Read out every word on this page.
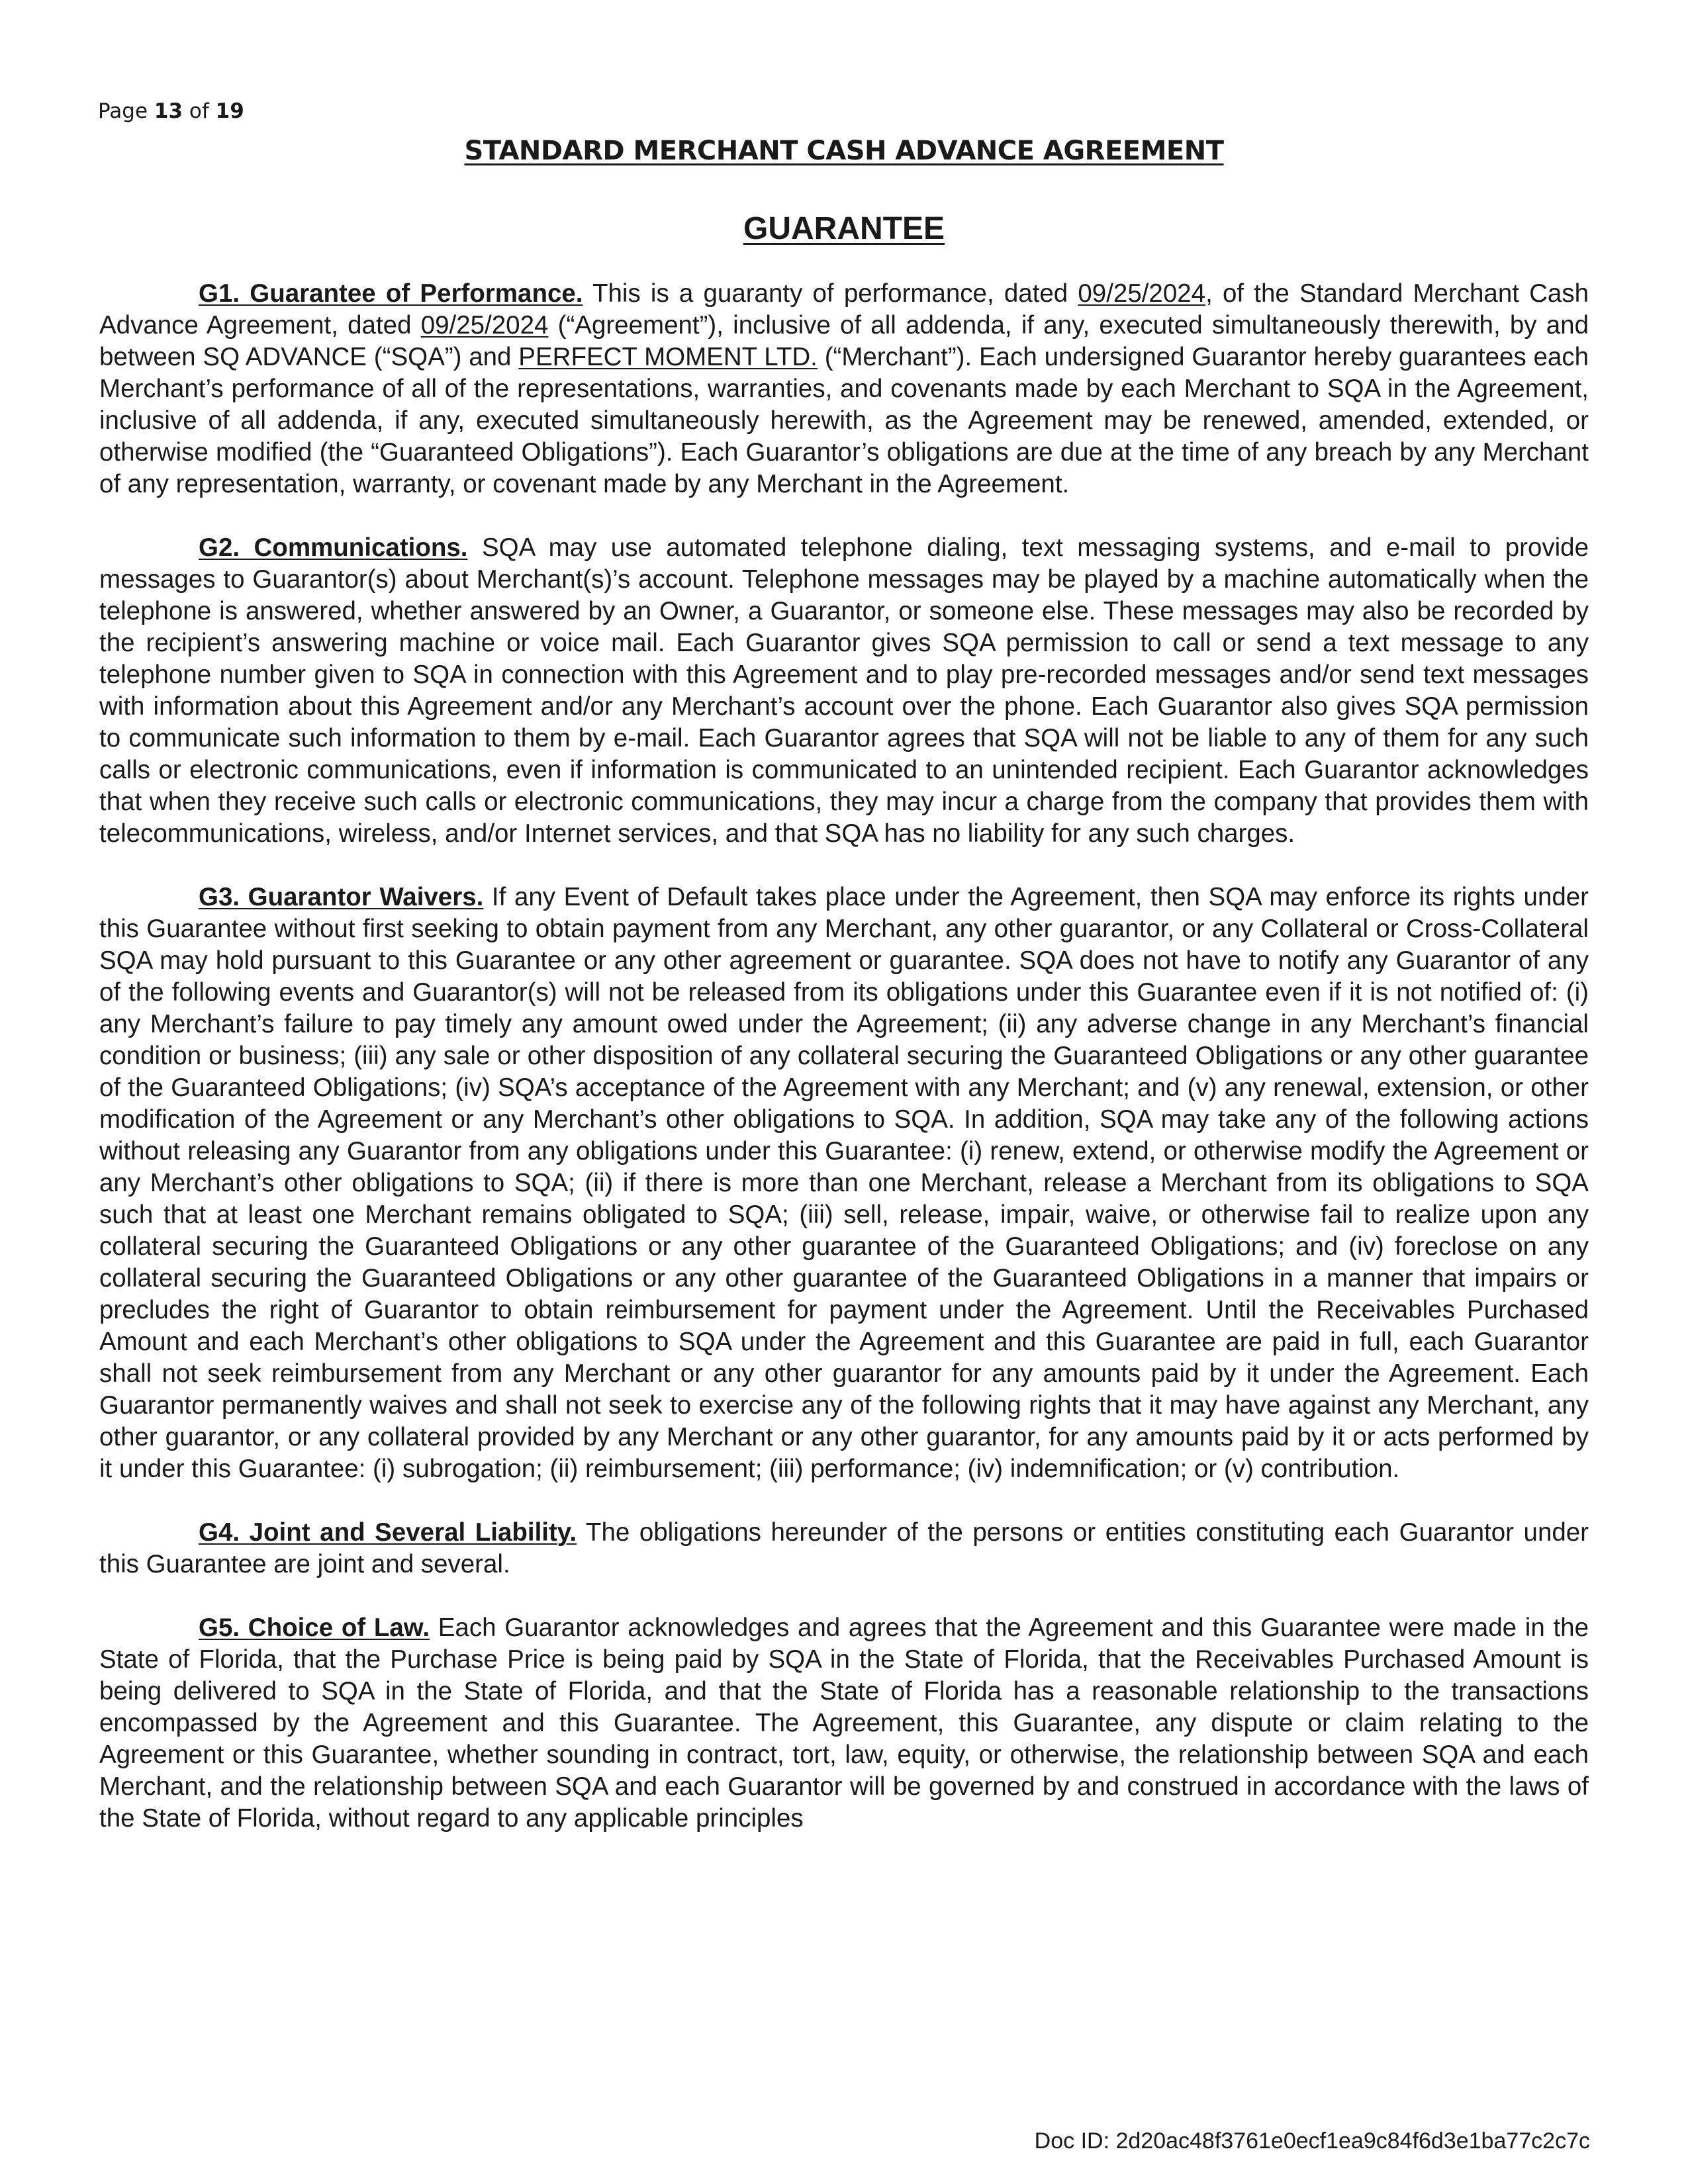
Page 13 of 19
STANDARD MERCHANT CASH ADVANCE AGREEMENT
GUARANTEE

G1. Guarantee of Performance. This is a guaranty of performance, dated 09/25/2024, of the Standard Merchant Cash Advance Agreement, dated 09/25/2024 (“Agreement”), inclusive of all addenda, if any, executed simultaneously therewith, by and between SQ ADVANCE (“SQA”) and PERFECT MOMENT LTD. (“Merchant”). Each undersigned Guarantor hereby guarantees each Merchant’s performance of all of the representations, warranties, and covenants made by each Merchant to SQA in the Agreement, inclusive of all addenda, if any, executed simultaneously herewith, as the Agreement may be renewed, amended, extended, or otherwise modified (the “Guaranteed Obligations”). Each Guarantor’s obligations are due at the time of any breach by any Merchant of any representation, warranty, or covenant made by any Merchant in the Agreement.

G2. Communications. SQA may use automated telephone dialing, text messaging systems, and e-mail to provide messages to Guarantor(s) about Merchant(s)’s account. Telephone messages may be played by a machine automatically when the telephone is answered, whether answered by an Owner, a Guarantor, or someone else. These messages may also be recorded by the recipient’s answering machine or voice mail. Each Guarantor gives SQA permission to call or send a text message to any telephone number given to SQA in connection with this Agreement and to play pre-recorded messages and/or send text messages with information about this Agreement and/or any Merchant’s account over the phone. Each Guarantor also gives SQA permission to communicate such information to them by e-mail. Each Guarantor agrees that SQA will not be liable to any of them for any such calls or electronic communications, even if information is communicated to an unintended recipient. Each Guarantor acknowledges that when they receive such calls or electronic communications, they may incur a charge from the company that provides them with telecommunications, wireless, and/or Internet services, and that SQA has no liability for any such charges.

G3. Guarantor Waivers. If any Event of Default takes place under the Agreement, then SQA may enforce its rights under this Guarantee without first seeking to obtain payment from any Merchant, any other guarantor, or any Collateral or Cross-Collateral SQA may hold pursuant to this Guarantee or any other agreement or guarantee. SQA does not have to notify any Guarantor of any of the following events and Guarantor(s) will not be released from its obligations under this Guarantee even if it is not notified of: (i) any Merchant’s failure to pay timely any amount owed under the Agreement; (ii) any adverse change in any Merchant’s financial condition or business; (iii) any sale or other disposition of any collateral securing the Guaranteed Obligations or any other guarantee of the Guaranteed Obligations; (iv) SQA’s acceptance of the Agreement with any Merchant; and (v) any renewal, extension, or other modification of the Agreement or any Merchant’s other obligations to SQA. In addition, SQA may take any of the following actions without releasing any Guarantor from any obligations under this Guarantee: (i) renew, extend, or otherwise modify the Agreement or any Merchant’s other obligations to SQA; (ii) if there is more than one Merchant, release a Merchant from its obligations to SQA such that at least one Merchant remains obligated to SQA; (iii) sell, release, impair, waive, or otherwise fail to realize upon any collateral securing the Guaranteed Obligations or any other guarantee of the Guaranteed Obligations; and (iv) foreclose on any collateral securing the Guaranteed Obligations or any other guarantee of the Guaranteed Obligations in a manner that impairs or precludes the right of Guarantor to obtain reimbursement for payment under the Agreement. Until the Receivables Purchased Amount and each Merchant’s other obligations to SQA under the Agreement and this Guarantee are paid in full, each Guarantor shall not seek reimbursement from any Merchant or any other guarantor for any amounts paid by it under the Agreement. Each Guarantor permanently waives and shall not seek to exercise any of the following rights that it may have against any Merchant, any other guarantor, or any collateral provided by any Merchant or any other guarantor, for any amounts paid by it or acts performed by it under this Guarantee: (i) subrogation; (ii) reimbursement; (iii) performance; (iv) indemnification; or (v) contribution.

G4. Joint and Several Liability. The obligations hereunder of the persons or entities constituting each Guarantor under this Guarantee are joint and several.

G5. Choice of Law. Each Guarantor acknowledges and agrees that the Agreement and this Guarantee were made in the State of Florida, that the Purchase Price is being paid by SQA in the State of Florida, that the Receivables Purchased Amount is being delivered to SQA in the State of Florida, and that the State of Florida has a reasonable relationship to the transactions encompassed by the Agreement and this Guarantee. The Agreement, this Guarantee, any dispute or claim relating to the Agreement or this Guarantee, whether sounding in contract, tort, law, equity, or otherwise, the relationship between SQA and each Merchant, and the relationship between SQA and each Guarantor will be governed by and construed in accordance with the laws of the State of Florida, without regard to any applicable principles

Doc ID: 2d20ac48f3761e0ecf1ea9c84f6d3e1ba77c2c7c
